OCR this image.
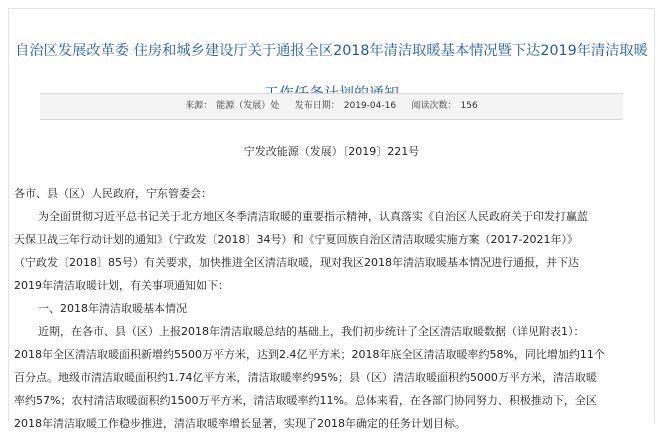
自治区发展改革委 住房和城乡建设厅关于通报全区2018年清洁取暖基本情况暨下达2019年清洁取暖
来源： 能源（发展）处 发布日期： 2019-04-16 阅读次数： 156
宁发改能源（发展）〔2019〕221号

各市、县（区）人民政府，宁东管委会：

为全面贯彻习近平总书记关于北方地区冬季清洁取暖的重要指示精神，认真落实《自治区人民政府关于印发打赢蓝

天保卫战三年行动计划的通知》（宁政发〔2018〕34号）和《宁夏回族自治区清洁取暖实施方案（2017-2021年）》

（宁政发〔2018〕85号）有关要求，加快推进全区清洁取暖，现对我区2018年清洁取暖基本情况进行通报，并下达

2019年清洁取暖计划，有关事项通知如下：

一、2018年清洁取暖基本情况

近期，在各市、县（区）上报2018年清洁取暖总结的基础上，我们初步统计了全区清洁取暖数据（详见附表1）：

2018年全区清洁取暖面积新增约5500万平方米，达到2.4亿平方米；2018年底全区清洁取暖率约58%，同比增加约11个

百分点。地级市清洁取暖面积约1.74亿平方米，清洁取暖率约95%；县（区）清洁取暖面积约5000万平方米，清洁取暖

率约57%；农村清洁取暖面积约1500万平方米，清洁取暖率约11%。总体来看，在各部门协同努力、积极推动下，全区

2018年清洁取暖工作稳步推进，清洁取暖率增长显著，实现了2018年确定的任务计划目标。
